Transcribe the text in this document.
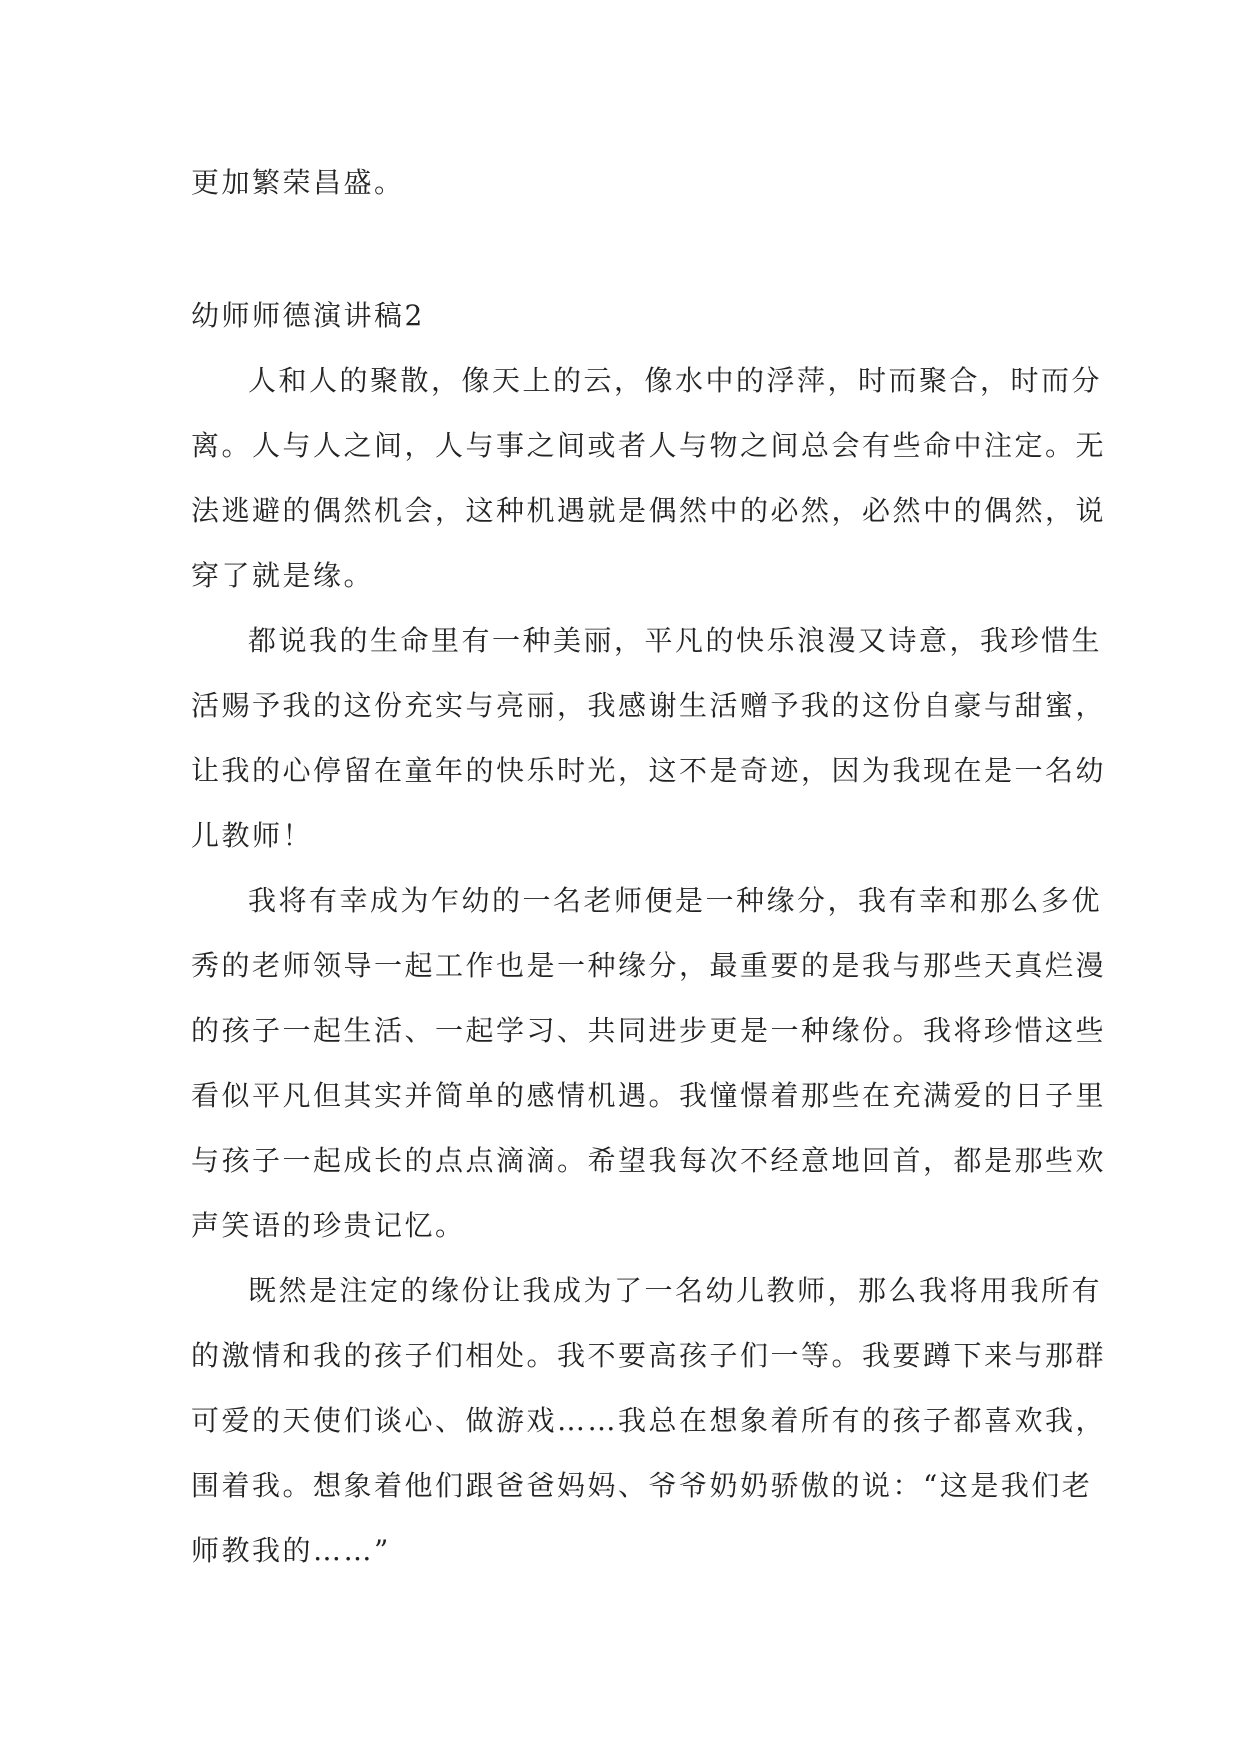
更加繁荣昌盛。
幼师师德演讲稿2
人和人的聚散，像天上的云，像水中的浮萍，时而聚合，时而分
离。人与人之间，人与事之间或者人与物之间总会有些命中注定。无
法逃避的偶然机会，这种机遇就是偶然中的必然，必然中的偶然，说
穿了就是缘。
都说我的生命里有一种美丽，平凡的快乐浪漫又诗意，我珍惜生
活赐予我的这份充实与亮丽，我感谢生活赠予我的这份自豪与甜蜜，
让我的心停留在童年的快乐时光，这不是奇迹，因为我现在是一名幼
儿教师！
我将有幸成为乍幼的一名老师便是一种缘分，我有幸和那么多优
秀的老师领导一起工作也是一种缘分，最重要的是我与那些天真烂漫
的孩子一起生活、一起学习、共同进步更是一种缘份。我将珍惜这些
看似平凡但其实并简单的感情机遇。我憧憬着那些在充满爱的日子里
与孩子一起成长的点点滴滴。希望我每次不经意地回首，都是那些欢
声笑语的珍贵记忆。
既然是注定的缘份让我成为了一名幼儿教师，那么我将用我所有
的激情和我的孩子们相处。我不要高孩子们一等。我要蹲下来与那群
可爱的天使们谈心、做游戏……我总在想象着所有的孩子都喜欢我，
围着我。想象着他们跟爸爸妈妈、爷爷奶奶骄傲的说：“这是我们老
师教我的……”
